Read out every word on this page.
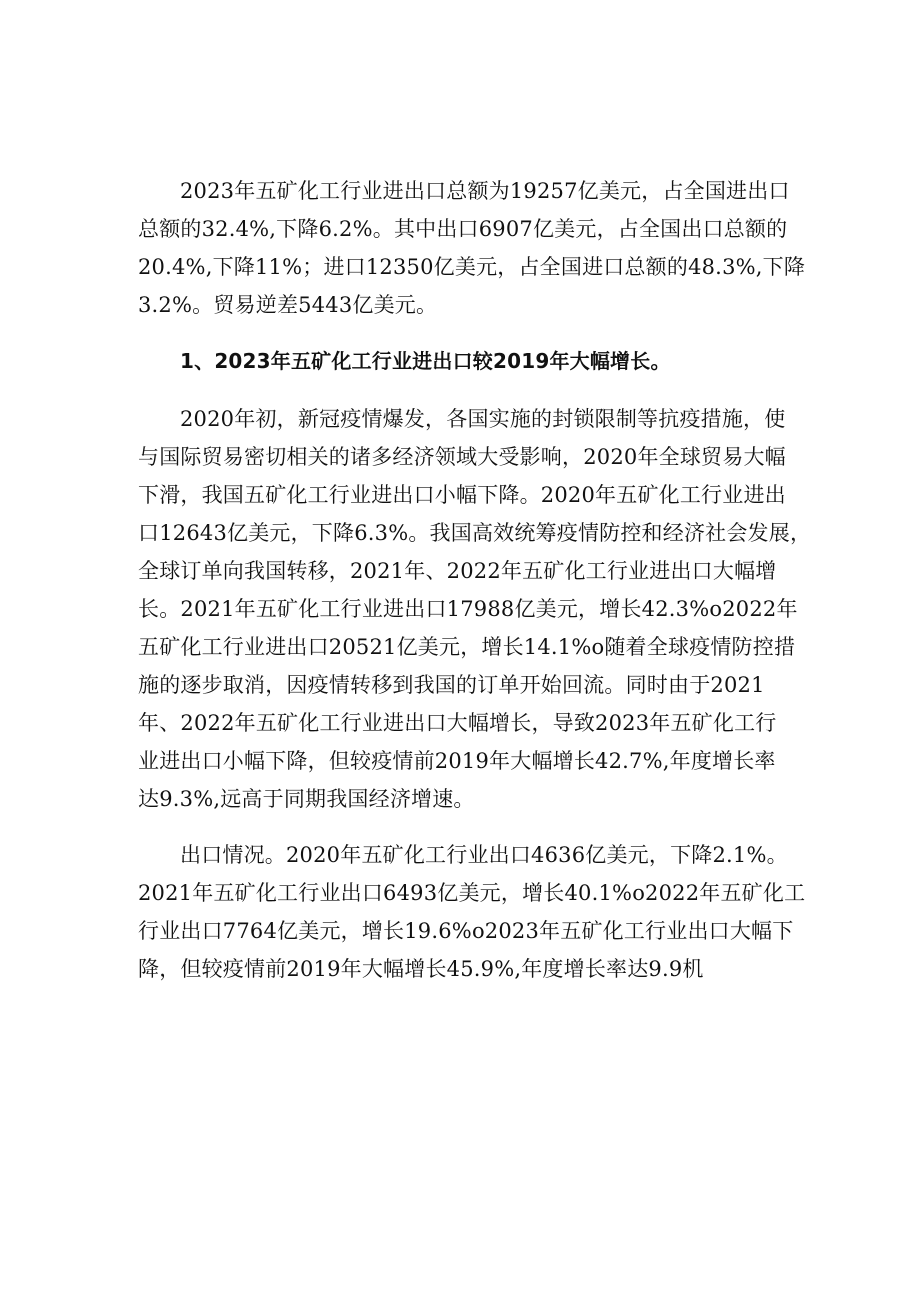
2023年五矿化工行业进出口总额为19257亿美元，占全国进出口
总额的32.4%,下降6.2%。其中出口6907亿美元，占全国出口总额的
20.4%,下降11%；进口12350亿美元，占全国进口总额的48.3%,下降
3.2%。贸易逆差5443亿美元。
1、2023年五矿化工行业进出口较2019年大幅增长。
2020年初，新冠疫情爆发，各国实施的封锁限制等抗疫措施，使
与国际贸易密切相关的诸多经济领域大受影响，2020年全球贸易大幅
下滑，我国五矿化工行业进出口小幅下降。2020年五矿化工行业进出
口12643亿美元，下降6.3%。我国高效统筹疫情防控和经济社会发展，
全球订单向我国转移，2021年、2022年五矿化工行业进出口大幅增
长。2021年五矿化工行业进出口17988亿美元，增长42.3%o2022年
五矿化工行业进出口20521亿美元，增长14.1%o随着全球疫情防控措
施的逐步取消，因疫情转移到我国的订单开始回流。同时由于2021
年、2022年五矿化工行业进出口大幅增长，导致2023年五矿化工行
业进出口小幅下降，但较疫情前2019年大幅增长42.7%,年度增长率
达9.3%,远高于同期我国经济增速。
出口情况。2020年五矿化工行业出口4636亿美元，下降2.1%。
2021年五矿化工行业出口6493亿美元，增长40.1%o2022年五矿化工
行业出口7764亿美元，增长19.6%o2023年五矿化工行业出口大幅下
降，但较疫情前2019年大幅增长45.9%,年度增长率达9.9机
